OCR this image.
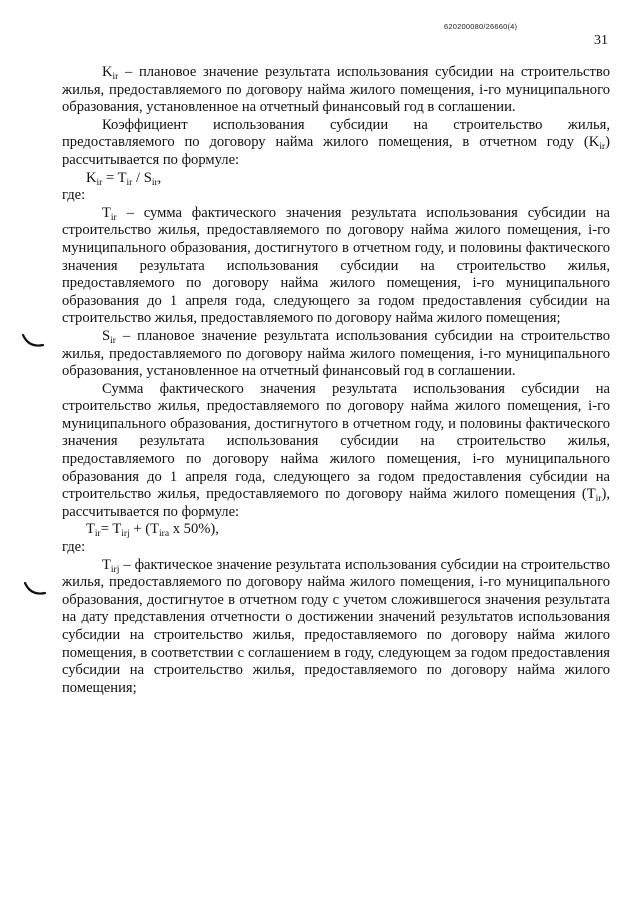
620200080/26660(4)
31

$K_{ir}$ – плановое значение результата использования субсидии на строительство жилья, предоставляемого по договору найма жилого помещения, i-го муниципального образования, установленное на отчетный финансовый год в соглашении.

Коэффициент использования субсидии на строительство жилья, предоставляемого по договору найма жилого помещения, в отчетном году $(K_{ir})$ рассчитывается по формуле:

$K_{ir} = T_{ir} / S_{ir}$,

где:

$T_{ir}$ – сумма фактического значения результата использования субсидии на строительство жилья, предоставляемого по договору найма жилого помещения, i-го муниципального образования, достигнутого в отчетном году, и половины фактического значения результата использования субсидии на строительство жилья, предоставляемого по договору найма жилого помещения, i-го муниципального образования до 1 апреля года, следующего за годом предоставления субсидии на строительство жилья, предоставляемого по договору найма жилого помещения;

$S_{ir}$ – плановое значение результата использования субсидии на строительство жилья, предоставляемого по договору найма жилого помещения, i-го муниципального образования, установленное на отчетный финансовый год в соглашении.

Сумма фактического значения результата использования субсидии на строительство жилья, предоставляемого по договору найма жилого помещения, i-го муниципального образования, достигнутого в отчетном году, и половины фактического значения результата использования субсидии на строительство жилья, предоставляемого по договору найма жилого помещения, i-го муниципального образования до 1 апреля года, следующего за годом предоставления субсидии на строительство жилья, предоставляемого по договору найма жилого помещения $(T_{ir})$, рассчитывается по формуле:

$T_{ir}= T_{irj} + (T_{ira}$ x 50%),

где:

$T_{irj}$ – фактическое значение результата использования субсидии на строительство жилья, предоставляемого по договору найма жилого помещения, i-го муниципального образования, достигнутое в отчетном году с учетом сложившегося значения результата на дату представления отчетности о достижении значений результатов использования субсидии на строительство жилья, предоставляемого по договору найма жилого помещения, в соответствии с соглашением в году, следующем за годом предоставления субсидии на строительство жилья, предоставляемого по договору найма жилого помещения;
